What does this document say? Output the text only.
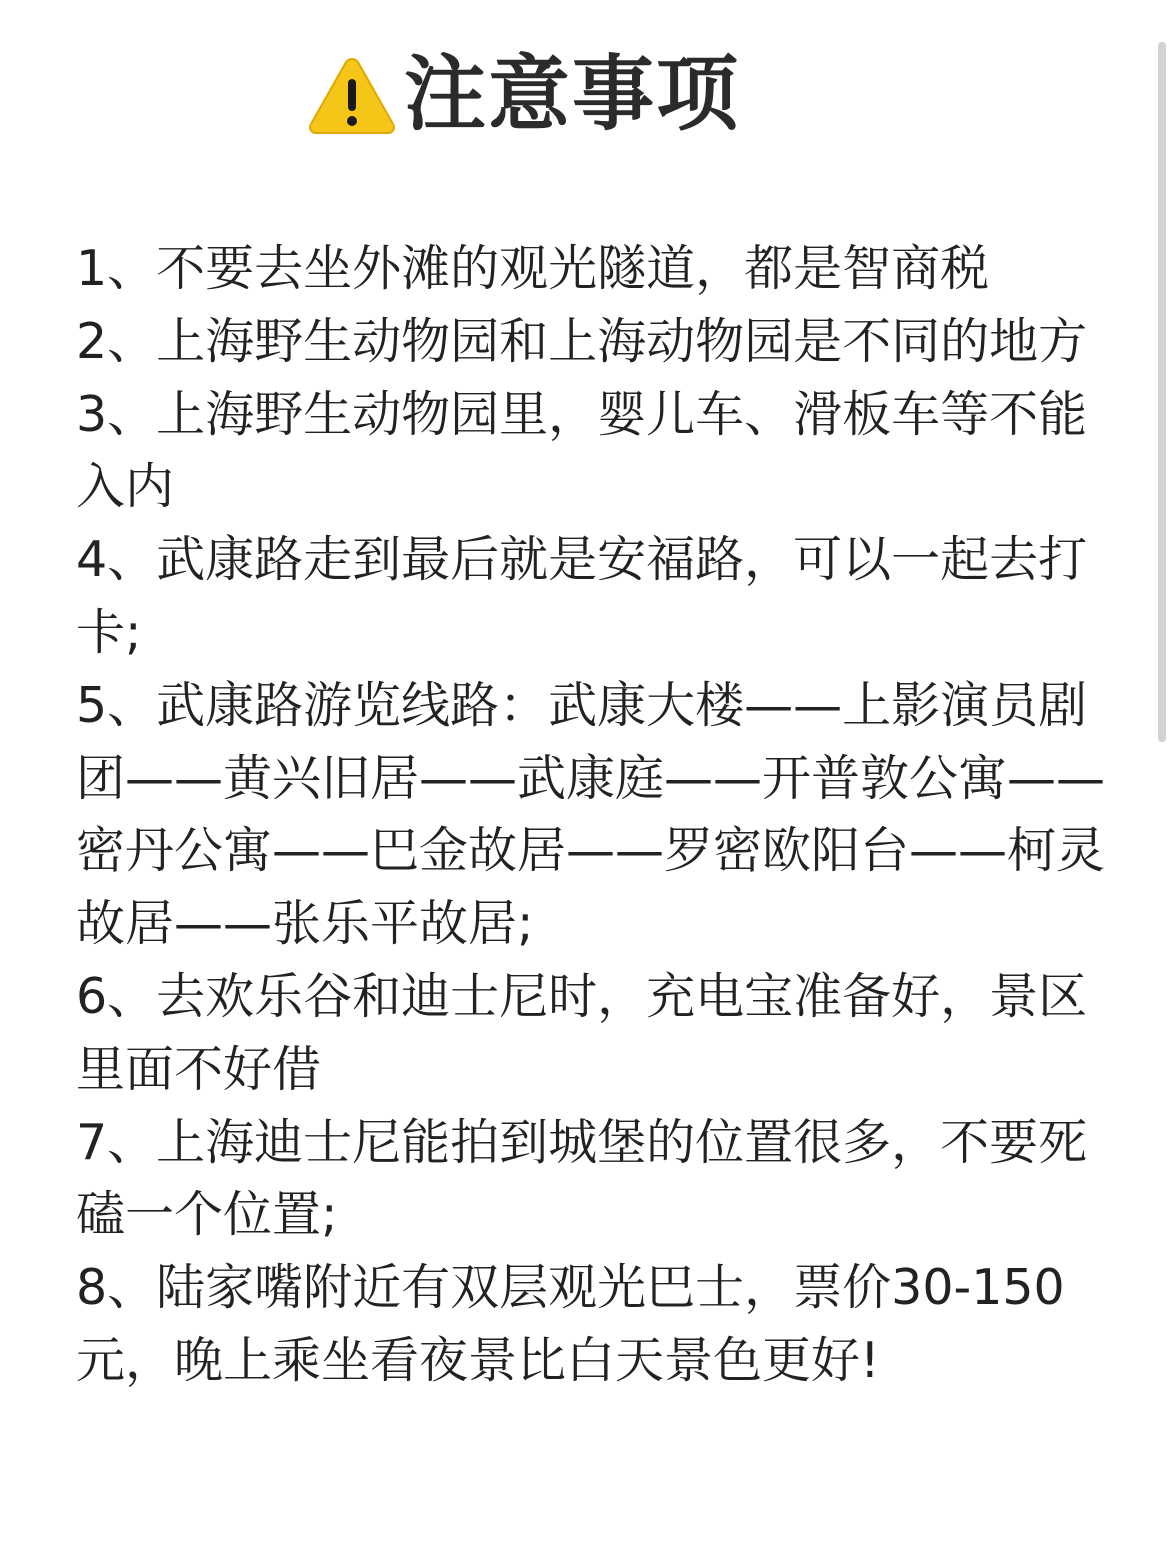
注意事项
1、不要去坐外滩的观光隧道，都是智商税
2、上海野生动物园和上海动物园是不同的地方
3、上海野生动物园里，婴儿车、滑板车等不能入内
4、武康路走到最后就是安福路，可以一起去打卡;
5、武康路游览线路：武康大楼——上影演员剧团——黄兴旧居——武康庭——开普敦公寓——密丹公寓——巴金故居——罗密欧阳台——柯灵故居——张乐平故居;
6、去欢乐谷和迪士尼时，充电宝准备好，景区里面不好借
7、上海迪士尼能拍到城堡的位置很多，不要死磕一个位置;
8、陆家嘴附近有双层观光巴士，票价30-150元，晚上乘坐看夜景比白天景色更好!
